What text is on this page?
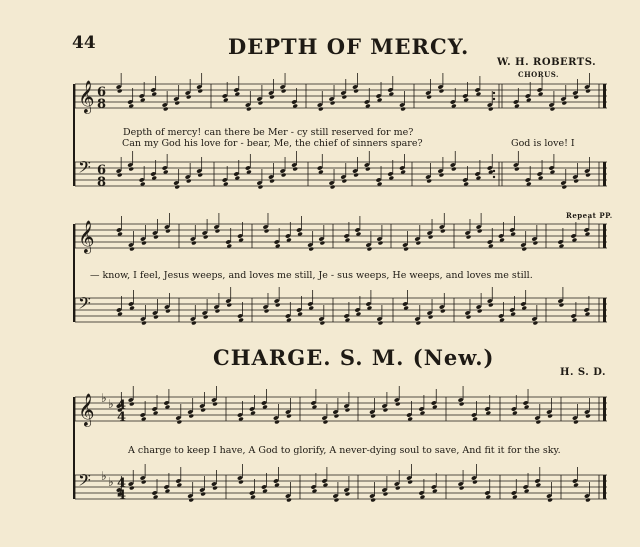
44	DEPTH OF MERCY.
W. H. ROBERTS.
CHORUS.
Repeat PP.
Depth of mercy! can there be Mer - cy still reserved for me?
Can my God his love for - bear, Me, the chief of sinners spare?	God is love! I
— know, I feel, Jesus weeps, and loves me still, Je - sus weeps, He weeps, and loves me still.
CHARGE. S. M. (New.)
H. S. D.
A charge to keep I have, A God to glorify, A never-dying soul to save, And fit it for the sky.
𝄞
𝄢
𝄞
𝄢
𝄞
𝄢
6
8
6
8
4
4
4
4
♭ ♭
♭ ♭
